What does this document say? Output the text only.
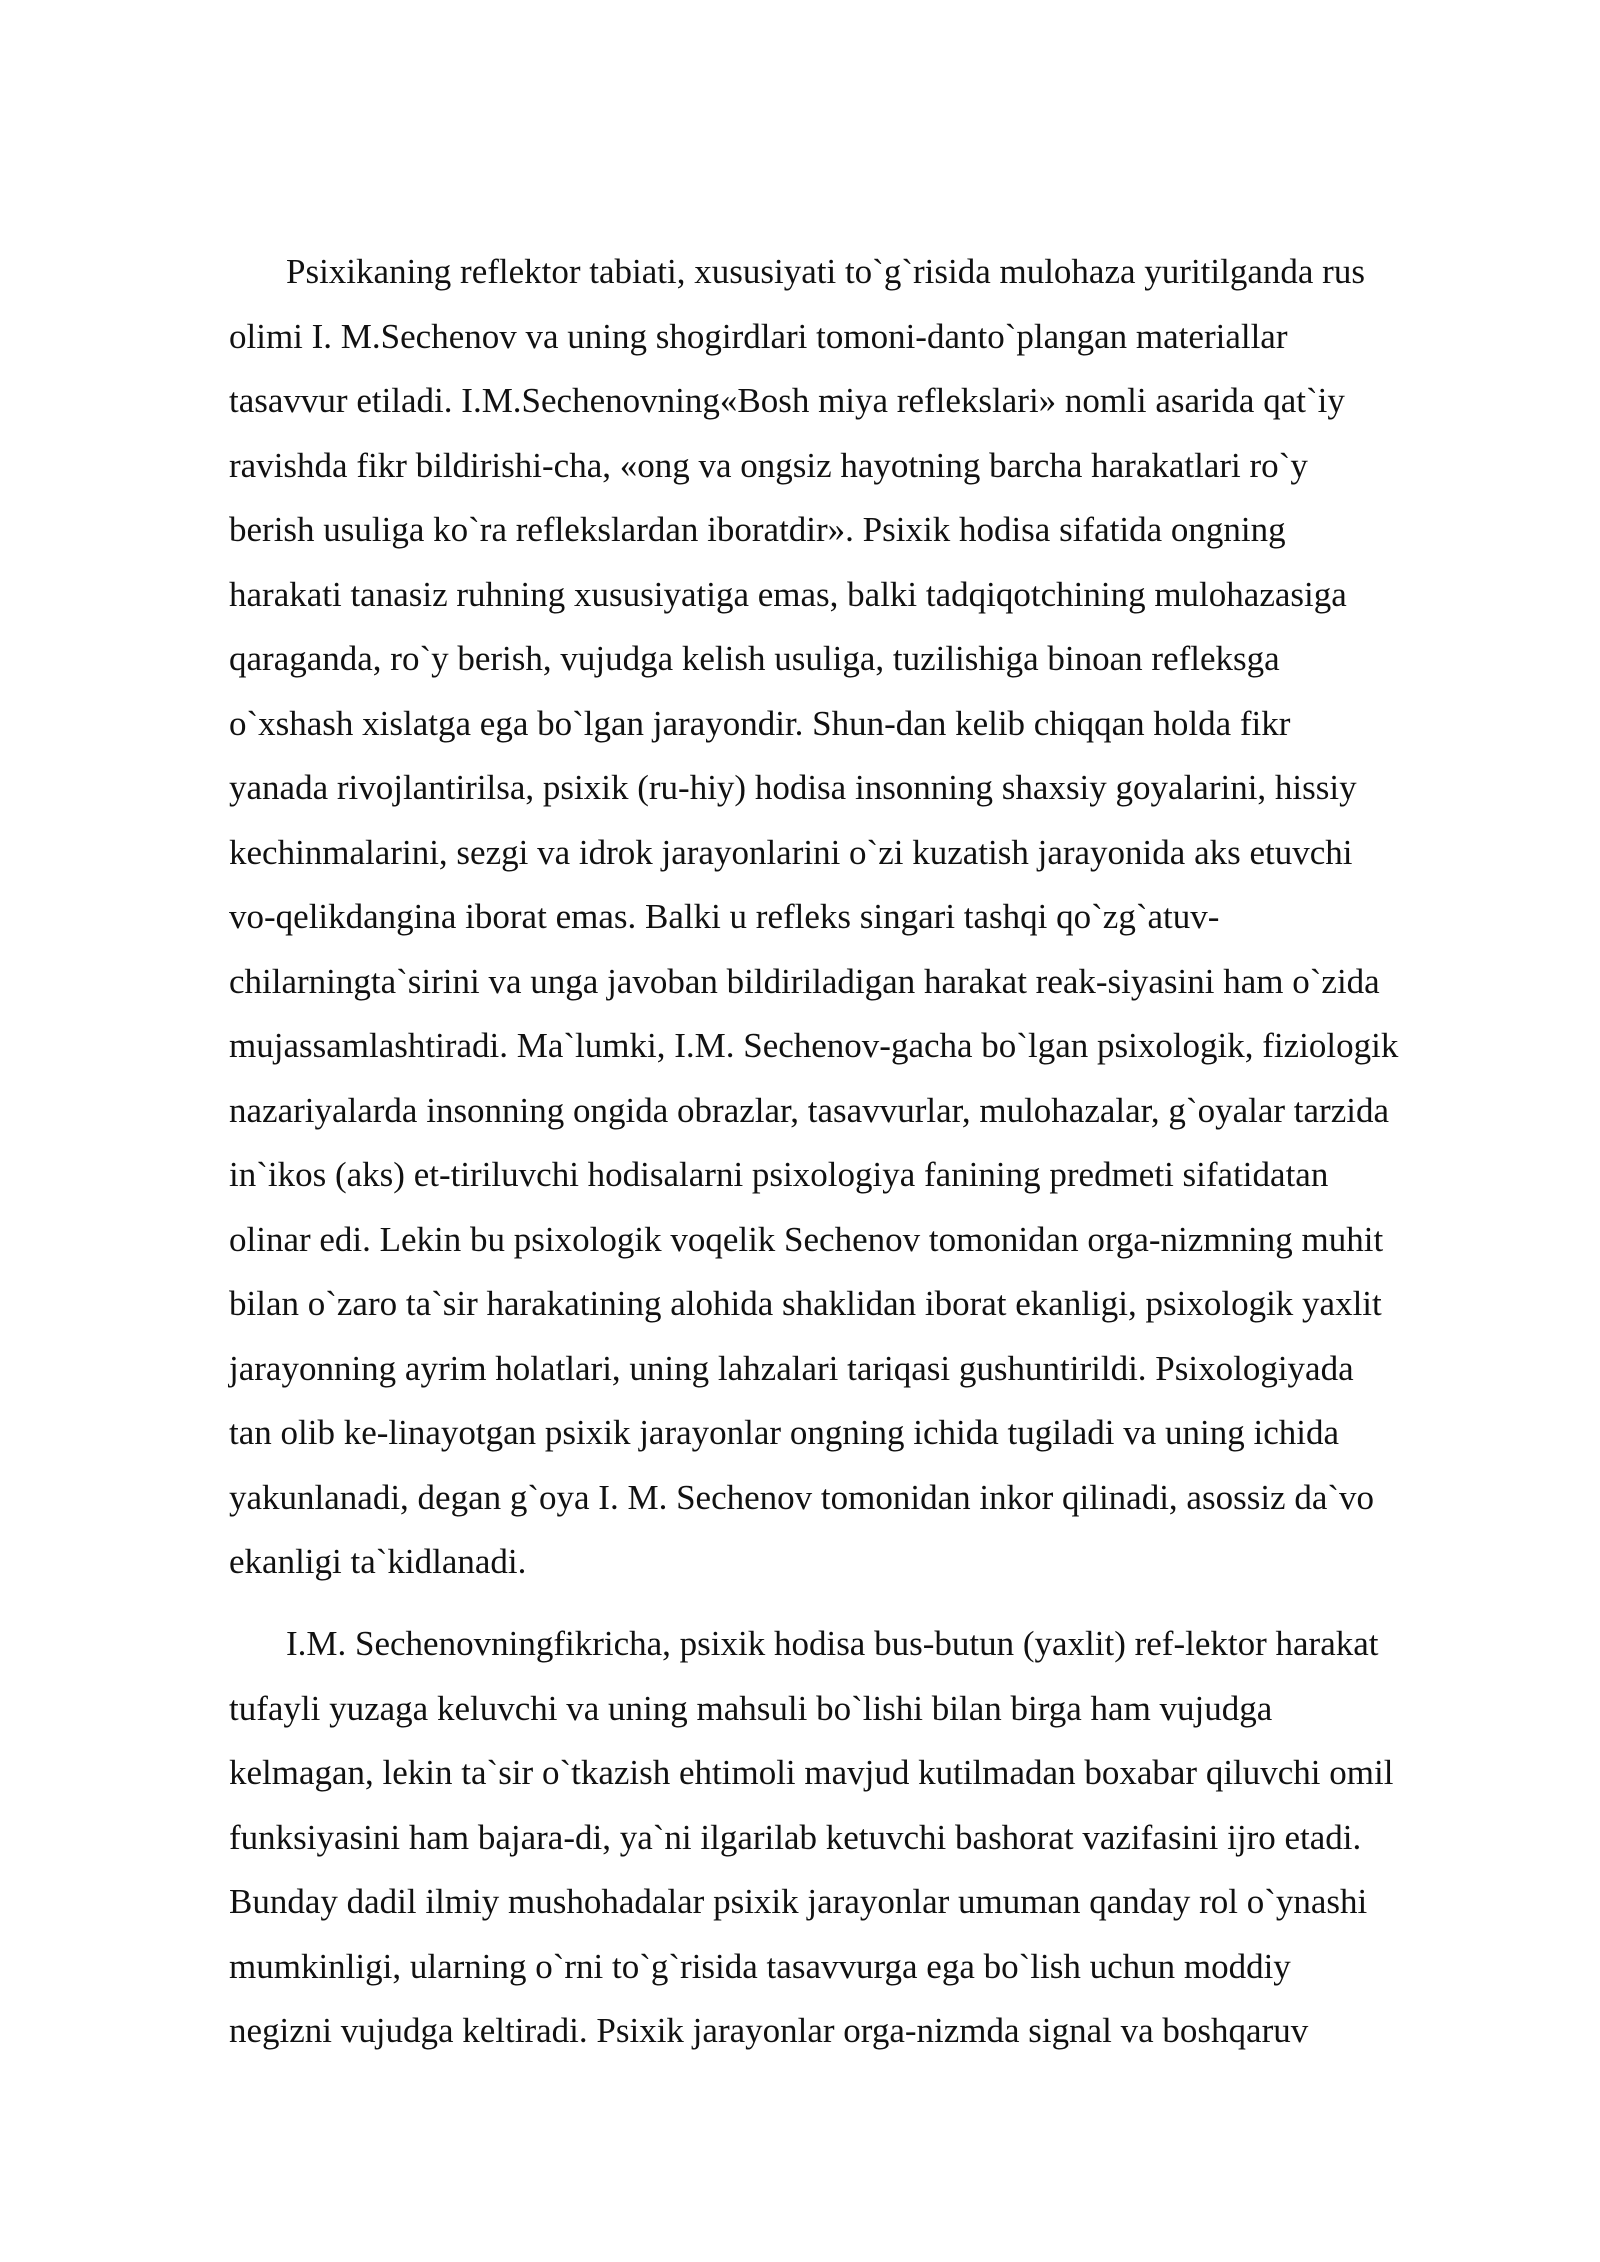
Psixikaning reflektor tabiati, xususiyati to`g`risida mulohaza yuritilganda rus
olimi I. M.Sechenov va uning shogirdlari tomoni-danto`plangan materiallar
tasavvur etiladi. I.M.Sechenovning«Bosh miya reflekslari» nomli asarida qat`iy
ravishda fikr bildirishi-cha, «ong va ongsiz hayotning barcha harakatlari ro`y
berish usuliga ko`ra reflekslardan iboratdir». Psixik hodisa sifatida ongning
harakati tanasiz ruhning xususiyatiga emas, balki tadqiqotchining mulohazasiga
qaraganda, ro`y berish, vujudga kelish usuliga, tuzilishiga binoan refleksga
o`xshash xislatga ega bo`lgan jarayondir. Shun-dan kelib chiqqan holda fikr
yanada rivojlantirilsa, psixik (ru-hiy) hodisa insonning shaxsiy goyalarini, hissiy
kechinmalarini, sezgi va idrok jarayonlarini o`zi kuzatish jarayonida aks etuvchi
vo-qelikdangina iborat emas. Balki u refleks singari tashqi qo`zg`atuv-
chilarningta`sirini va unga javoban bildiriladigan harakat reak-siyasini ham o`zida
mujassamlashtiradi. Ma`lumki, I.M. Sechenov-gacha bo`lgan psixologik, fiziologik
nazariyalarda insonning ongida obrazlar, tasavvurlar, mulohazalar, g`oyalar tarzida
in`ikos (aks) et-tiriluvchi hodisalarni psixologiya fanining predmeti sifatidatan
olinar edi. Lekin bu psixologik voqelik Sechenov tomonidan orga-nizmning muhit
bilan o`zaro ta`sir harakatining alohida shaklidan iborat ekanligi, psixologik yaxlit
jarayonning ayrim holatlari, uning lahzalari tariqasi gushuntirildi. Psixologiyada
tan olib ke-linayotgan psixik jarayonlar ongning ichida tugiladi va uning ichida
yakunlanadi, degan g`oya I. M. Sechenov tomonidan inkor qilinadi, asossiz da`vo
ekanligi ta`kidlanadi.
I.M. Sechenovningfikricha, psixik hodisa bus-butun (yaxlit) ref-lektor harakat
tufayli yuzaga keluvchi va uning mahsuli bo`lishi bilan birga ham vujudga
kelmagan, lekin ta`sir o`tkazish ehtimoli mavjud kutilmadan boxabar qiluvchi omil
funksiyasini ham bajara-di, ya`ni ilgarilab ketuvchi bashorat vazifasini ijro etadi.
Bunday dadil ilmiy mushohadalar psixik jarayonlar umuman qanday rol o`ynashi
mumkinligi, ularning o`rni to`g`risida tasavvurga ega bo`lish uchun moddiy
negizni vujudga keltiradi. Psixik jarayonlar orga-nizmda signal va boshqaruv
